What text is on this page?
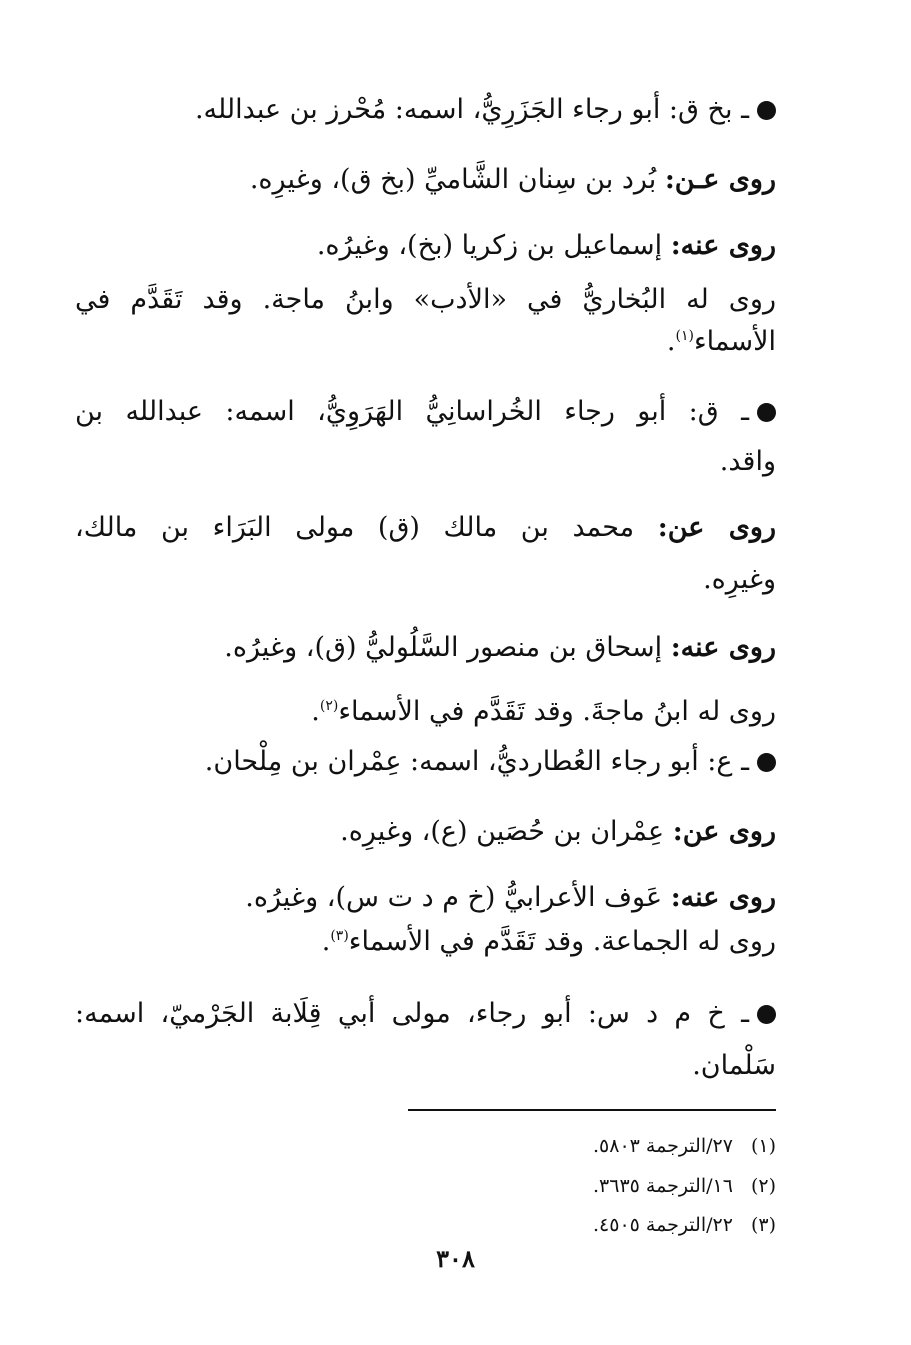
ـ بخ ق: أبو رجاء الجَزَرِيُّ، اسمه: مُحْرز بن عبدالله.
روى عـن: بُرد بن سِنان الشَّاميِّ (بخ ق)، وغيرِه.
روى عنه: إسماعيل بن زكريا (بخ)، وغيرُه.
روى له البُخاريُّ في «الأدب» وابنُ ماجة. وقد تَقَدَّم في
الأسماء$^{(١)}$.
ـ ق: أبو رجاء الخُراسانِيُّ الهَرَوِيُّ، اسمه: عبدالله بن
واقد.
روى عن: محمد بن مالك (ق) مولى البَرَاء بن مالك،
وغيرِه.
روى عنه: إسحاق بن منصور السَّلُوليُّ (ق)، وغيرُه.
روى له ابنُ ماجةَ. وقد تَقَدَّم في الأسماء$^{(٢)}$.
ـ ع: أبو رجاء العُطارديُّ، اسمه: عِمْران بن مِلْحان.
روى عن: عِمْران بن حُصَين (ع)، وغيرِه.
روى عنه: عَوف الأعرابيُّ (خ م د ت س)، وغيرُه.
روى له الجماعة. وقد تَقَدَّم في الأسماء$^{(٣)}$.
ـ خ م د س: أبو رجاء، مولى أبي قِلَابة الجَرْميّ، اسمه:
سَلْمان.
(١)٢٧/الترجمة ٥٨٠٣.
(٢)١٦/الترجمة ٣٦٣٥.
(٣)٢٢/الترجمة ٤٥٠٥.
٣٠٨
